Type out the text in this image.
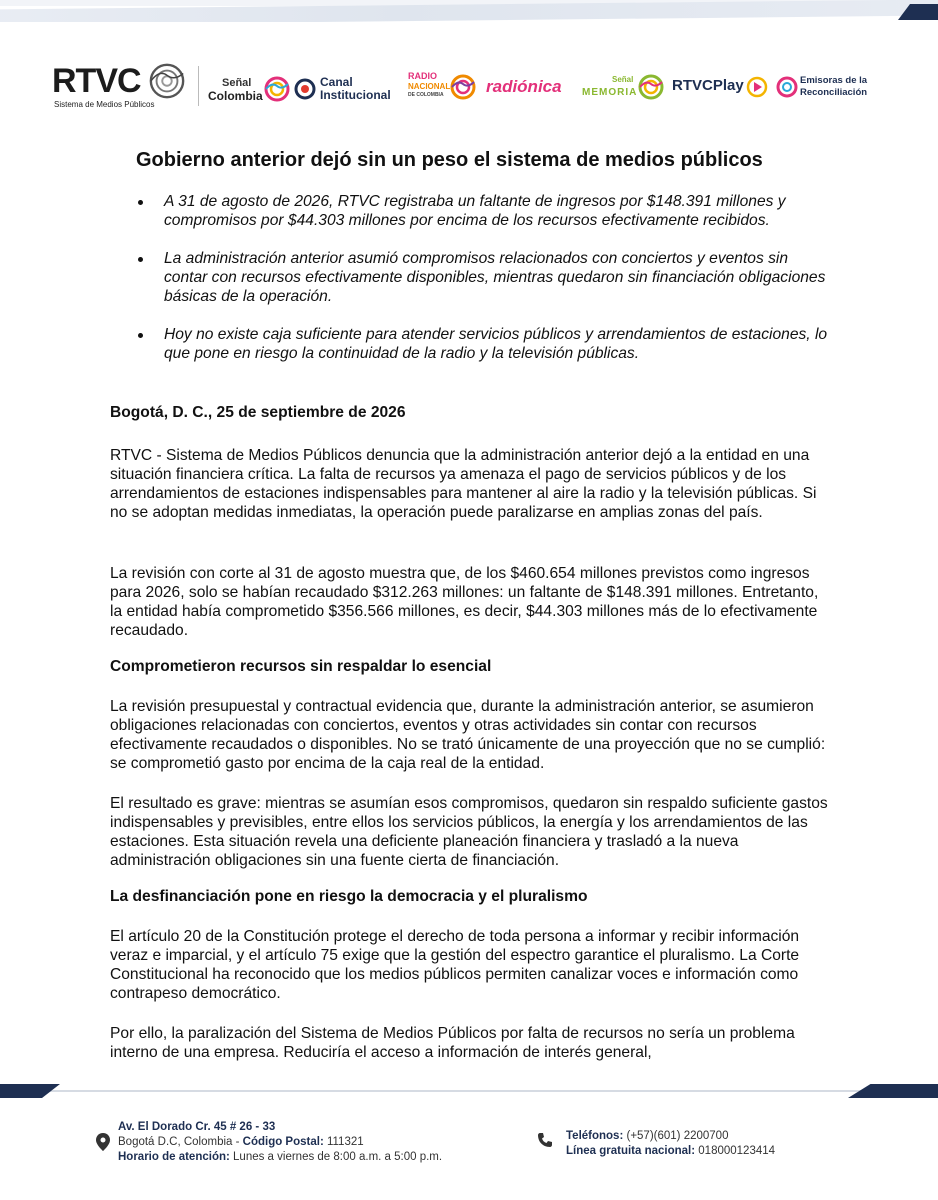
RTVC
Sistema de Medios Públicos
Señal
Colombia
Canal
Institucional
RADIO
NACIONAL
DE COLOMBIA radiónica	Señal
MEMORIA RTVCPlay	Emisoras de la
Reconciliación
Gobierno anterior dejó sin un peso el sistema de medios públicos
A 31 de agosto de 2026, RTVC registraba un faltante de ingresos por $148.391 millones y compromisos por $44.303 millones por encima de los recursos efectivamente recibidos.
La administración anterior asumió compromisos relacionados con conciertos y eventos sin contar con recursos efectivamente disponibles, mientras quedaron sin financiación obligaciones básicas de la operación.
Hoy no existe caja suficiente para atender servicios públicos y arrendamientos de estaciones, lo que pone en riesgo la continuidad de la radio y la televisión públicas.

Bogotá, D. C., 25 de septiembre de 2026

RTVC - Sistema de Medios Públicos denuncia que la administración anterior dejó a la entidad en una situación financiera crítica. La falta de recursos ya amenaza el pago de servicios públicos y de los arrendamientos de estaciones indispensables para mantener al aire la radio y la televisión públicas. Si no se adoptan medidas inmediatas, la operación puede paralizarse en amplias zonas del país.

La revisión con corte al 31 de agosto muestra que, de los $460.654 millones previstos como ingresos para 2026, solo se habían recaudado $312.263 millones: un faltante de $148.391 millones. Entretanto, la entidad había comprometido $356.566 millones, es decir, $44.303 millones más de lo efectivamente recaudado.

Comprometieron recursos sin respaldar lo esencial

La revisión presupuestal y contractual evidencia que, durante la administración anterior, se asumieron obligaciones relacionadas con conciertos, eventos y otras actividades sin contar con recursos efectivamente recaudados o disponibles. No se trató únicamente de una proyección que no se cumplió: se comprometió gasto por encima de la caja real de la entidad.

El resultado es grave: mientras se asumían esos compromisos, quedaron sin respaldo suficiente gastos indispensables y previsibles, entre ellos los servicios públicos, la energía y los arrendamientos de las estaciones. Esta situación revela una deficiente planeación financiera y trasladó a la nueva administración obligaciones sin una fuente cierta de financiación.

La desfinanciación pone en riesgo la democracia y el pluralismo

El artículo 20 de la Constitución protege el derecho de toda persona a informar y recibir información veraz e imparcial, y el artículo 75 exige que la gestión del espectro garantice el pluralismo. La Corte Constitucional ha reconocido que los medios públicos permiten canalizar voces e información como contrapeso democrático.

Por ello, la paralización del Sistema de Medios Públicos por falta de recursos no sería un problema interno de una empresa. Reduciría el acceso a información de interés general,

Av. El Dorado Cr. 45 # 26 - 33
Bogotá D.C, Colombia - Código Postal: 111321
Horario de atención: Lunes a viernes de 8:00 a.m. a 5:00 p.m.
Teléfonos: (+57)(601) 2200700
Línea gratuita nacional: 018000123414
